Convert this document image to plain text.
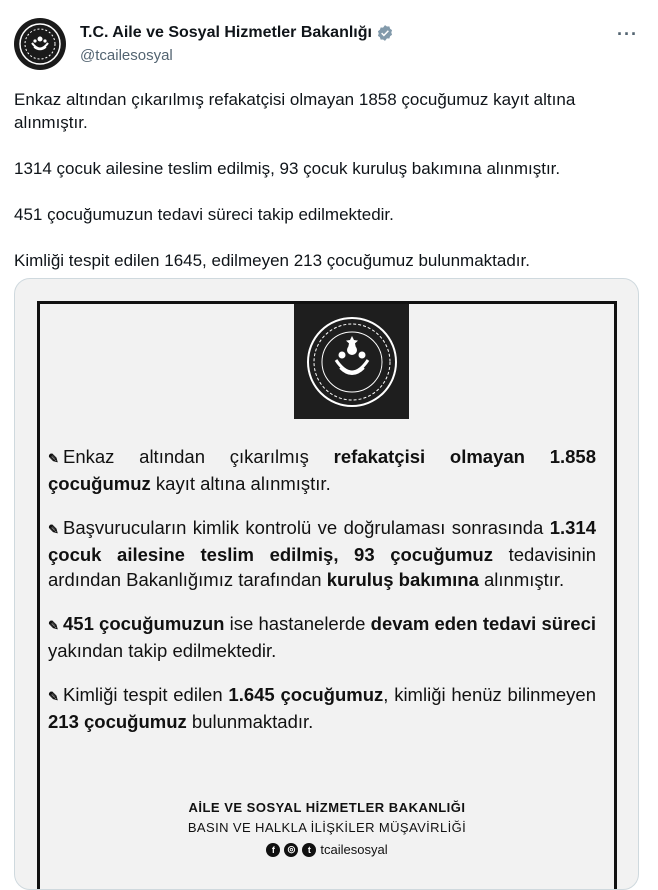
T.C. Aile ve Sosyal Hizmetler Bakanlığı
@tcailesosyal
···

Enkaz altından çıkarılmış refakatçisi olmayan 1858 çocuğumuz kayıt altına alınmıştır.

1314 çocuk ailesine teslim edilmiş, 93 çocuk kuruluş bakımına alınmıştır.

451 çocuğumuzun tedavi süreci takip edilmektedir.

Kimliği tespit edilen 1645, edilmeyen 213 çocuğumuz bulunmaktadır.

✎ Enkaz altından çıkarılmış refakatçisi olmayan 1.858 çocuğumuz kayıt altına alınmıştır.

✎ Başvurucuların kimlik kontrolü ve doğrulaması sonrasında 1.314 çocuk ailesine teslim edilmiş, 93 çocuğumuz tedavisinin ardından Bakanlığımız tarafından kuruluş bakımına alınmıştır.

✎ 451 çocuğumuzun ise hastanelerde devam eden tedavi süreci yakından takip edilmektedir.

✎ Kimliği tespit edilen 1.645 çocuğumuz, kimliği henüz bilinmeyen 213 çocuğumuz bulunmaktadır.

AİLE VE SOSYAL HİZMETLER BAKANLIĞI
BASIN VE HALKLA İLİŞKİLER MÜŞAVİRLİĞİ
f	◎	t tcailesosyal
